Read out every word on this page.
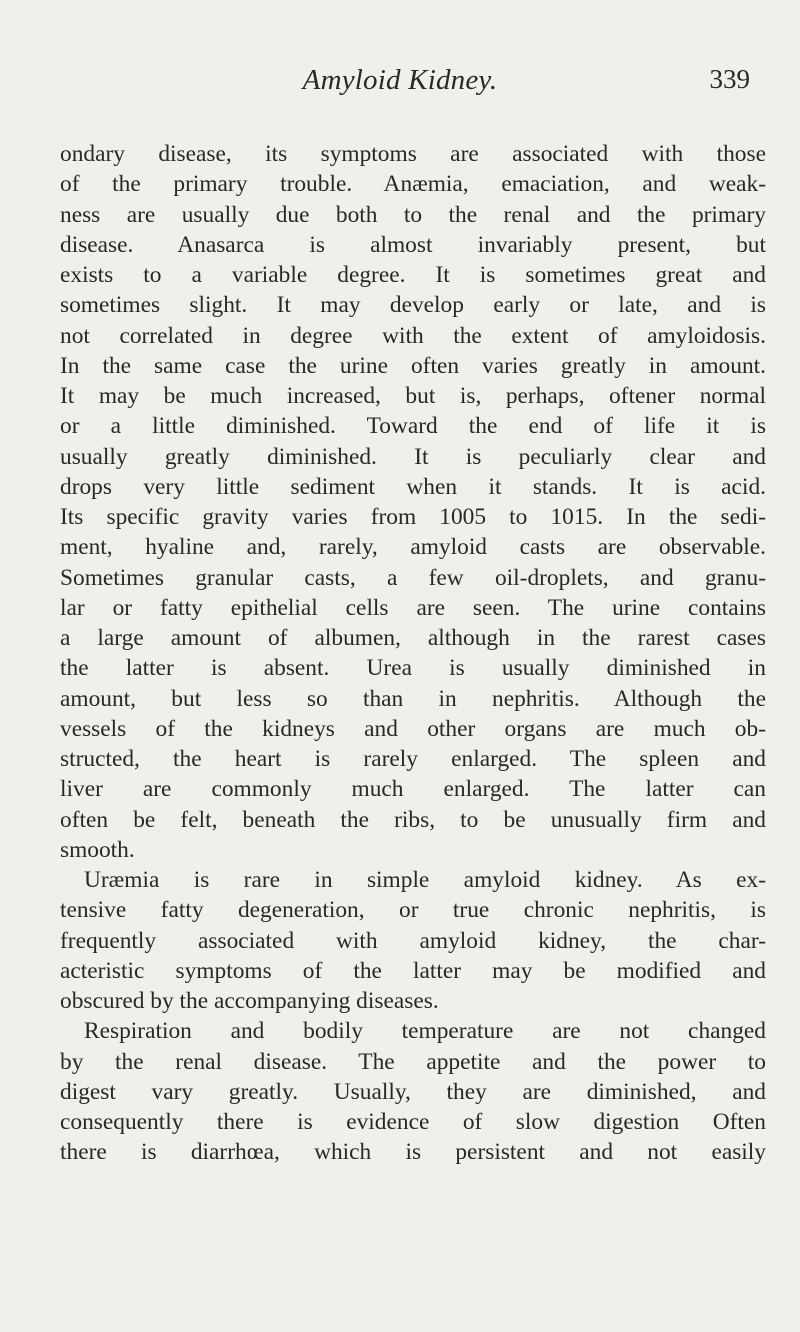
Amyloid Kidney.	339
ondary disease, its symptoms are associated with those
of the primary trouble. Anæmia, emaciation, and weak-
ness are usually due both to the renal and the primary
disease. Anasarca is almost invariably present, but
exists to a variable degree. It is sometimes great and
sometimes slight. It may develop early or late, and is
not correlated in degree with the extent of amyloidosis.
In the same case the urine often varies greatly in amount.
It may be much increased, but is, perhaps, oftener normal
or a little diminished. Toward the end of life it is
usually greatly diminished. It is peculiarly clear and
drops very little sediment when it stands. It is acid.
Its specific gravity varies from 1005 to 1015. In the sedi-
ment, hyaline and, rarely, amyloid casts are observable.
Sometimes granular casts, a few oil-droplets, and granu-
lar or fatty epithelial cells are seen. The urine contains
a large amount of albumen, although in the rarest cases
the latter is absent. Urea is usually diminished in
amount, but less so than in nephritis. Although the
vessels of the kidneys and other organs are much ob-
structed, the heart is rarely enlarged. The spleen and
liver are commonly much enlarged. The latter can
often be felt, beneath the ribs, to be unusually firm and
smooth.
Uræmia is rare in simple amyloid kidney. As ex-
tensive fatty degeneration, or true chronic nephritis, is
frequently associated with amyloid kidney, the char-
acteristic symptoms of the latter may be modified and
obscured by the accompanying diseases.
Respiration and bodily temperature are not changed
by the renal disease. The appetite and the power to
digest vary greatly. Usually, they are diminished, and
consequently there is evidence of slow digestion Often
there is diarrhœa, which is persistent and not easily
